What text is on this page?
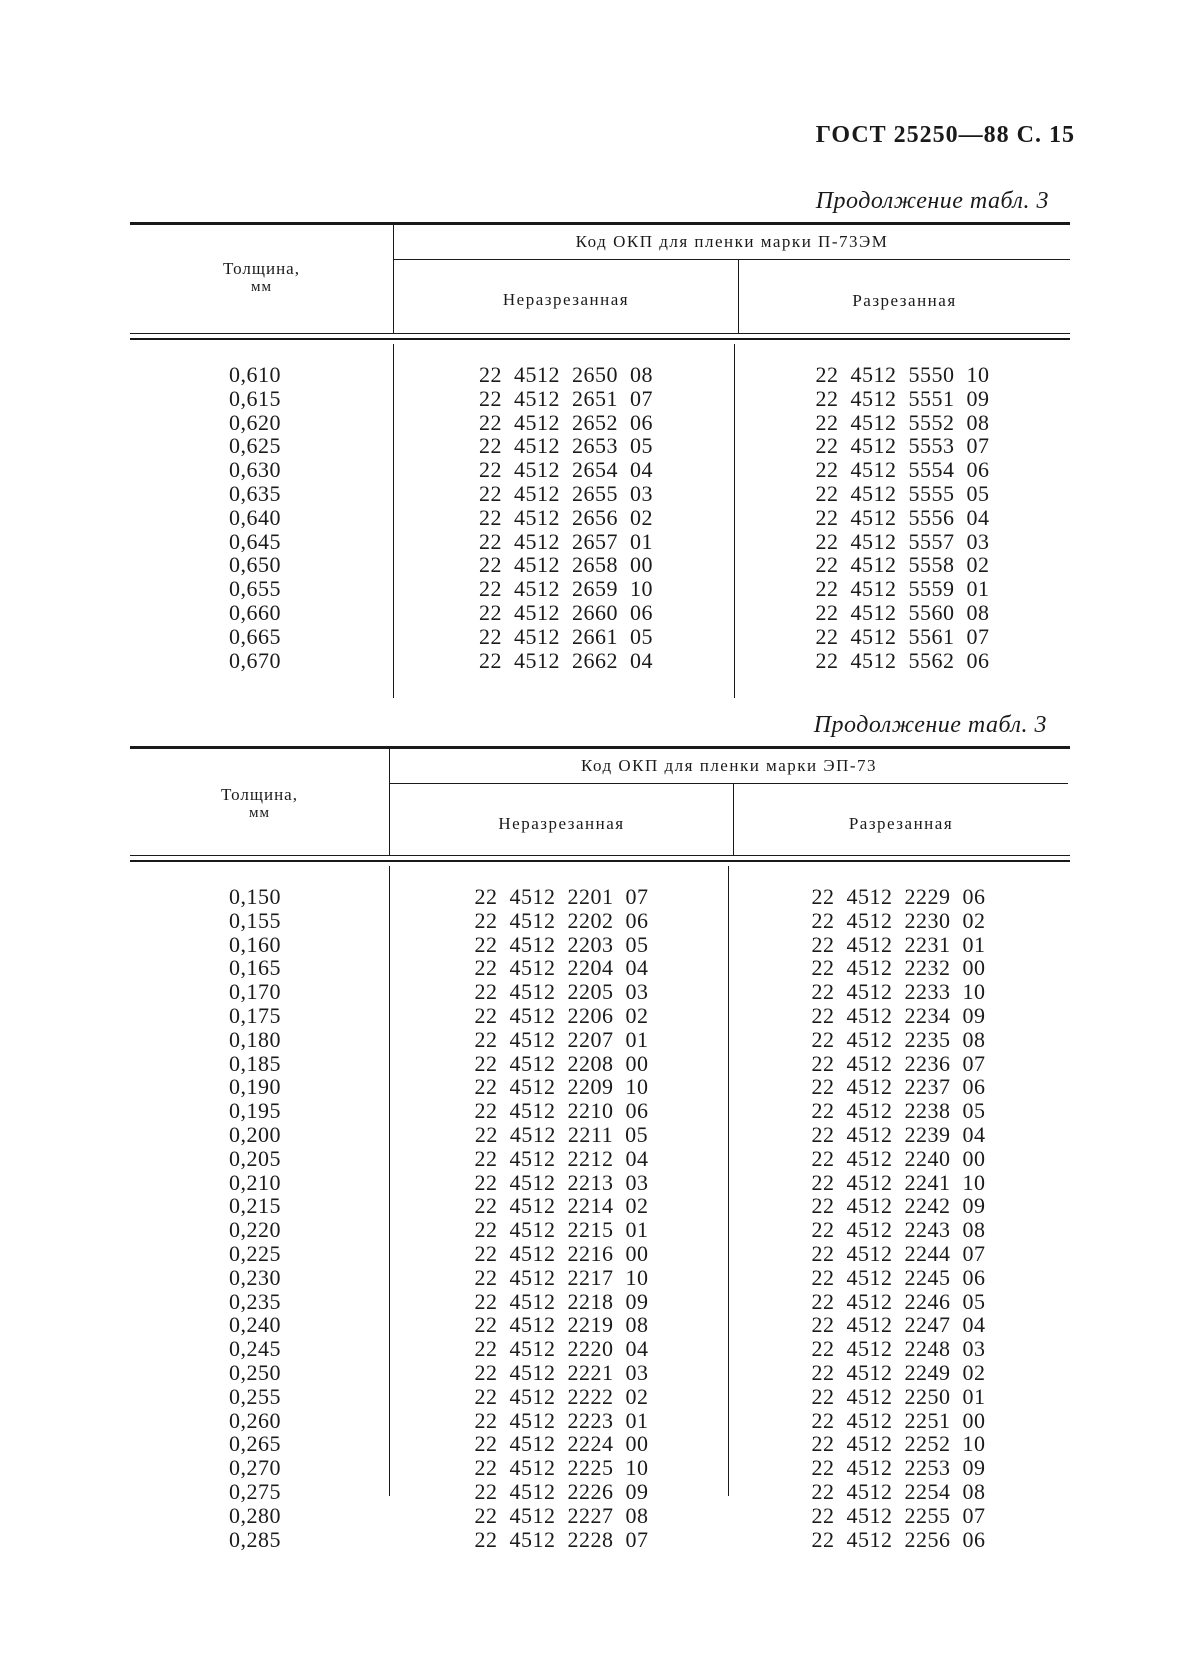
ГОСТ 25250—88 С. 15
Продолжение табл. 3
Толщина,
мм
Код ОКП для пленки марки П-73ЭМ
Неразрезанная	Разрезанная
0,610
0,615
0,620
0,625
0,630
0,635
0,640
0,645
0,650
0,655
0,660
0,665
0,670
22  4512  2650  08
22  4512  2651  07
22  4512  2652  06
22  4512  2653  05
22  4512  2654  04
22  4512  2655  03
22  4512  2656  02
22  4512  2657  01
22  4512  2658  00
22  4512  2659  10
22  4512  2660  06
22  4512  2661  05
22  4512  2662  04
22  4512  5550  10
22  4512  5551  09
22  4512  5552  08
22  4512  5553  07
22  4512  5554  06
22  4512  5555  05
22  4512  5556  04
22  4512  5557  03
22  4512  5558  02
22  4512  5559  01
22  4512  5560  08
22  4512  5561  07
22  4512  5562  06
Продолжение табл. 3
Толщина,
мм
Код ОКП для пленки марки ЭП-73
Неразрезанная	Разрезанная
0,150
0,155
0,160
0,165
0,170
0,175
0,180
0,185
0,190
0,195
0,200
0,205
0,210
0,215
0,220
0,225
0,230
0,235
0,240
0,245
0,250
0,255
0,260
0,265
0,270
0,275
0,280
0,285
22  4512  2201  07
22  4512  2202  06
22  4512  2203  05
22  4512  2204  04
22  4512  2205  03
22  4512  2206  02
22  4512  2207  01
22  4512  2208  00
22  4512  2209  10
22  4512  2210  06
22  4512  2211  05
22  4512  2212  04
22  4512  2213  03
22  4512  2214  02
22  4512  2215  01
22  4512  2216  00
22  4512  2217  10
22  4512  2218  09
22  4512  2219  08
22  4512  2220  04
22  4512  2221  03
22  4512  2222  02
22  4512  2223  01
22  4512  2224  00
22  4512  2225  10
22  4512  2226  09
22  4512  2227  08
22  4512  2228  07
22  4512  2229  06
22  4512  2230  02
22  4512  2231  01
22  4512  2232  00
22  4512  2233  10
22  4512  2234  09
22  4512  2235  08
22  4512  2236  07
22  4512  2237  06
22  4512  2238  05
22  4512  2239  04
22  4512  2240  00
22  4512  2241  10
22  4512  2242  09
22  4512  2243  08
22  4512  2244  07
22  4512  2245  06
22  4512  2246  05
22  4512  2247  04
22  4512  2248  03
22  4512  2249  02
22  4512  2250  01
22  4512  2251  00
22  4512  2252  10
22  4512  2253  09
22  4512  2254  08
22  4512  2255  07
22  4512  2256  06
